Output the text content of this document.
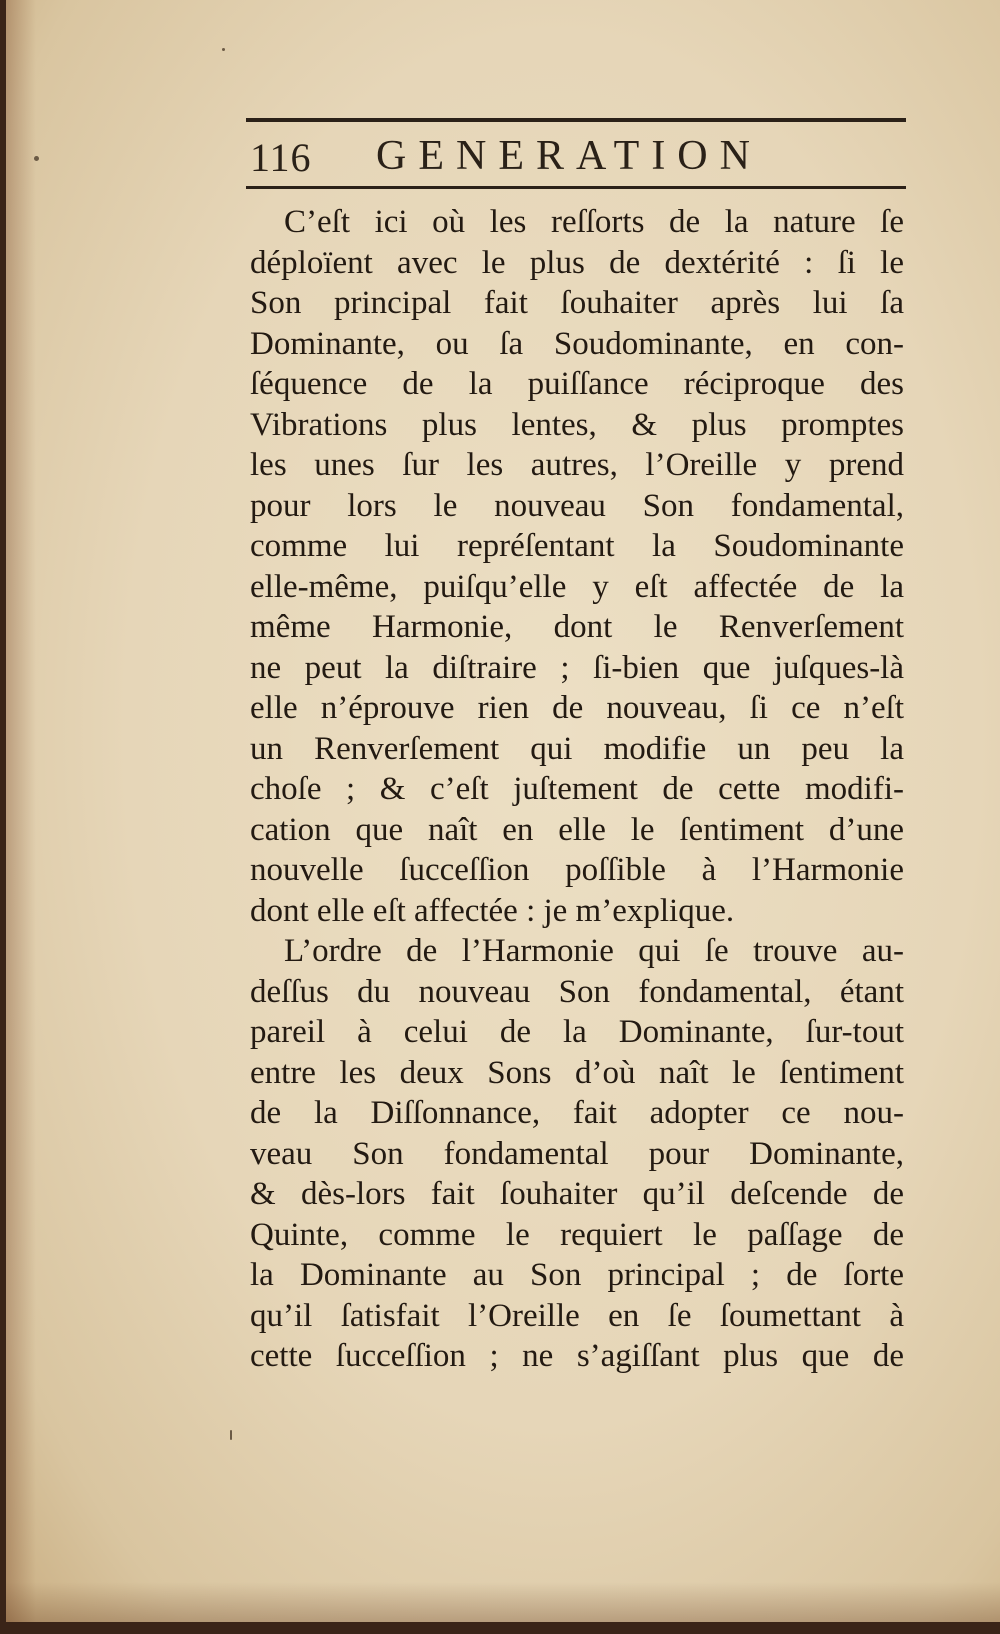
116 GENERATION
C’eſt ici où les reſſorts de la nature ſe
déploïent avec le plus de dextérité : ſi le
Son principal fait ſouhaiter après lui ſa
Dominante, ou ſa Soudominante, en con-
ſéquence de la puiſſance réciproque des
Vibrations plus lentes, & plus promptes
les unes ſur les autres, l’Oreille y prend
pour lors le nouveau Son fondamental,
comme lui repréſentant la Soudominante
elle-même, puiſqu’elle y eſt affectée de la
même Harmonie, dont le Renverſement
ne peut la diſtraire ; ſi-bien que juſques-là
elle n’éprouve rien de nouveau, ſi ce n’eſt
un Renverſement qui modifie un peu la
choſe ; & c’eſt juſtement de cette modifi-
cation que naît en elle le ſentiment d’une
nouvelle ſucceſſion poſſible à l’Harmonie
dont elle eſt affectée : je m’explique.
L’ordre de l’Harmonie qui ſe trouve au-
deſſus du nouveau Son fondamental, étant
pareil à celui de la Dominante, ſur-tout
entre les deux Sons d’où naît le ſentiment
de la Diſſonnance, fait adopter ce nou-
veau Son fondamental pour Dominante,
& dès-lors fait ſouhaiter qu’il deſcende de
Quinte, comme le requiert le paſſage de
la Dominante au Son principal ; de ſorte
qu’il ſatisfait l’Oreille en ſe ſoumettant à
cette ſucceſſion ; ne s’agiſſant plus que de
